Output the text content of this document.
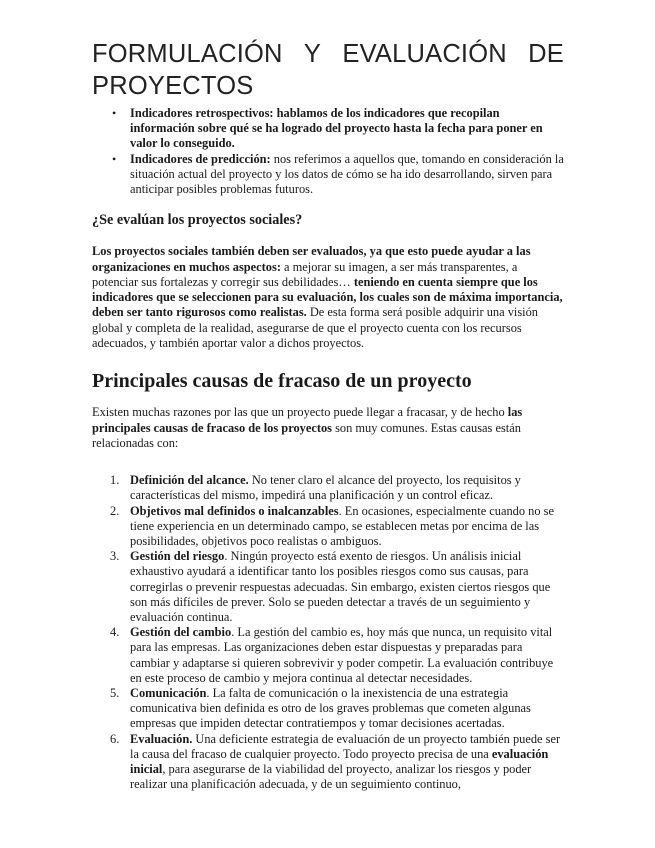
FORMULACIÓN Y EVALUACIÓN DE
PROYECTOS
• Indicadores retrospectivos: hablamos de los indicadores que recopilan información sobre qué se ha logrado del proyecto hasta la fecha para poner en valor lo conseguido.
• Indicadores de predicción: nos referimos a aquellos que, tomando en consideración la situación actual del proyecto y los datos de cómo se ha ido desarrollando, sirven para anticipar posibles problemas futuros.
¿Se evalúan los proyectos sociales?

Los proyectos sociales también deben ser evaluados, ya que esto puede ayudar a las organizaciones en muchos aspectos: a mejorar su imagen, a ser más transparentes, a potenciar sus fortalezas y corregir sus debilidades… teniendo en cuenta siempre que los indicadores que se seleccionen para su evaluación, los cuales son de máxima importancia, deben ser tanto rigurosos como realistas. De esta forma será posible adquirir una visión global y completa de la realidad, asegurarse de que el proyecto cuenta con los recursos adecuados, y también aportar valor a dichos proyectos.

Principales causas de fracaso de un proyecto

Existen muchas razones por las que un proyecto puede llegar a fracasar, y de hecho las principales causas de fracaso de los proyectos son muy comunes. Estas causas están relacionadas con:

1. Definición del alcance. No tener claro el alcance del proyecto, los requisitos y características del mismo, impedirá una planificación y un control eficaz.
2. Objetivos mal definidos o inalcanzables. En ocasiones, especialmente cuando no se tiene experiencia en un determinado campo, se establecen metas por encima de las posibilidades, objetivos poco realistas o ambiguos.
3. Gestión del riesgo. Ningún proyecto está exento de riesgos. Un análisis inicial exhaustivo ayudará a identificar tanto los posibles riesgos como sus causas, para corregirlas o prevenir respuestas adecuadas. Sin embargo, existen ciertos riesgos que son más difíciles de prever. Solo se pueden detectar a través de un seguimiento y evaluación continua.
4. Gestión del cambio. La gestión del cambio es, hoy más que nunca, un requisito vital para las empresas. Las organizaciones deben estar dispuestas y preparadas para cambiar y adaptarse si quieren sobrevivir y poder competir. La evaluación contribuye en este proceso de cambio y mejora continua al detectar necesidades.
5. Comunicación. La falta de comunicación o la inexistencia de una estrategia comunicativa bien definida es otro de los graves problemas que cometen algunas empresas que impiden detectar contratiempos y tomar decisiones acertadas.
6. Evaluación. Una deficiente estrategia de evaluación de un proyecto también puede ser la causa del fracaso de cualquier proyecto. Todo proyecto precisa de una evaluación inicial, para asegurarse de la viabilidad del proyecto, analizar los riesgos y poder realizar una planificación adecuada, y de un seguimiento continuo,
